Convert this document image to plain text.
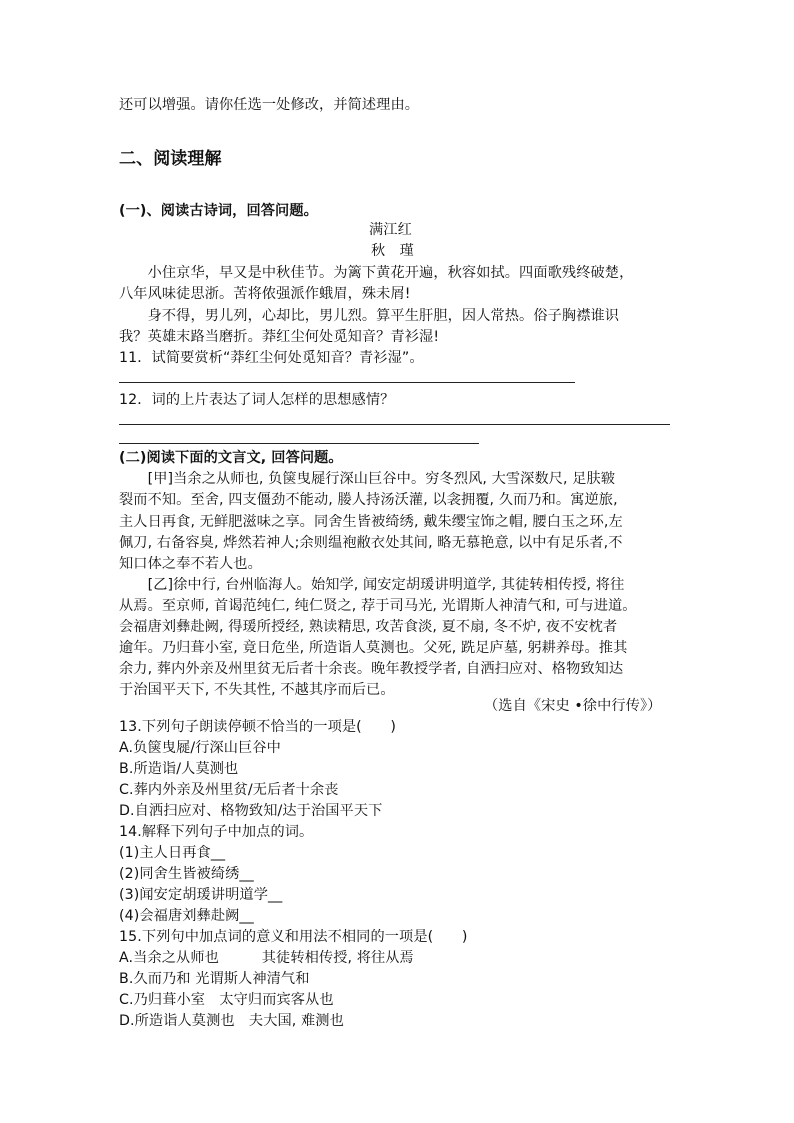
还可以增强。请你任选一处修改，并简述理由。
二、阅读理解
(一)、阅读古诗词，回答问题。
满江红
秋　瑾
　　小住京华，早又是中秋佳节。为篱下黄花开遍，秋容如拭。四面歌残终破楚，
八年风味徒思浙。苦将侬强派作蛾眉，殊未屑!
　　身不得，男儿列，心却比，男儿烈。算平生肝胆，因人常热。俗子胸襟谁识
我？英雄末路当磨折。莽红尘何处觅知音？青衫湿!
11．试简要赏析“莽红尘何处觅知音？青衫湿”。
12．词的上片表达了词人怎样的思想感情？
(二)阅读下面的文言文, 回答问题。
　　[甲]当余之从师也, 负箧曳屣行深山巨谷中。穷冬烈风, 大雪深数尺, 足肤皲
裂而不知。至舍, 四支僵劲不能动, 媵人持汤沃灌, 以衾拥覆, 久而乃和。寓逆旅,
主人日再食, 无鲜肥滋味之享。同舍生皆被绮绣, 戴朱缨宝饰之帽, 腰白玉之环,左
佩刀, 右备容臭, 烨然若神人;余则缊袍敝衣处其间, 略无慕艳意, 以中有足乐者,不
知口体之奉不若人也。
　　[乙]徐中行, 台州临海人。始知学, 闻安定胡瑗讲明道学, 其徒转相传授, 将往
从焉。至京师, 首谒范纯仁, 纯仁贤之, 荐于司马光, 光谓斯人神清气和, 可与进道。
会福唐刘彝赴阙, 得瑗所授经, 熟读精思, 攻苦食淡, 夏不扇, 冬不炉, 夜不安枕者
逾年。乃归葺小室, 竟日危坐, 所造诣人莫测也。父死, 跣足庐墓, 躬耕养母。推其
余力, 葬内外亲及州里贫无后者十余丧。晚年教授学者, 自洒扫应对、格物致知达
于治国平天下, 不失其性, 不越其序而后已。
（选自《宋史 •徐中行传》）
13.下列句子朗读停顿不恰当的一项是(　　)
A.负箧曳屣/行深山巨谷中
B.所造诣/人莫测也
C.葬内外亲及州里贫/无后者十余丧
D.自洒扫应对、格物致知/达于治国平天下
14.解释下列句子中加点的词。
(1)主人日再食__
(2)同舍生皆被绮绣__
(3)闻安定胡瑗讲明道学__
(4)会福唐刘彝赴阙__
15.下列句中加点词的意义和用法不相同的一项是(　　)
A.当余之从师也　　　其徒转相传授, 将往从焉
B.久而乃和 光谓斯人神清气和
C.乃归葺小室　太守归而宾客从也
D.所造诣人莫测也　夫大国, 难测也
